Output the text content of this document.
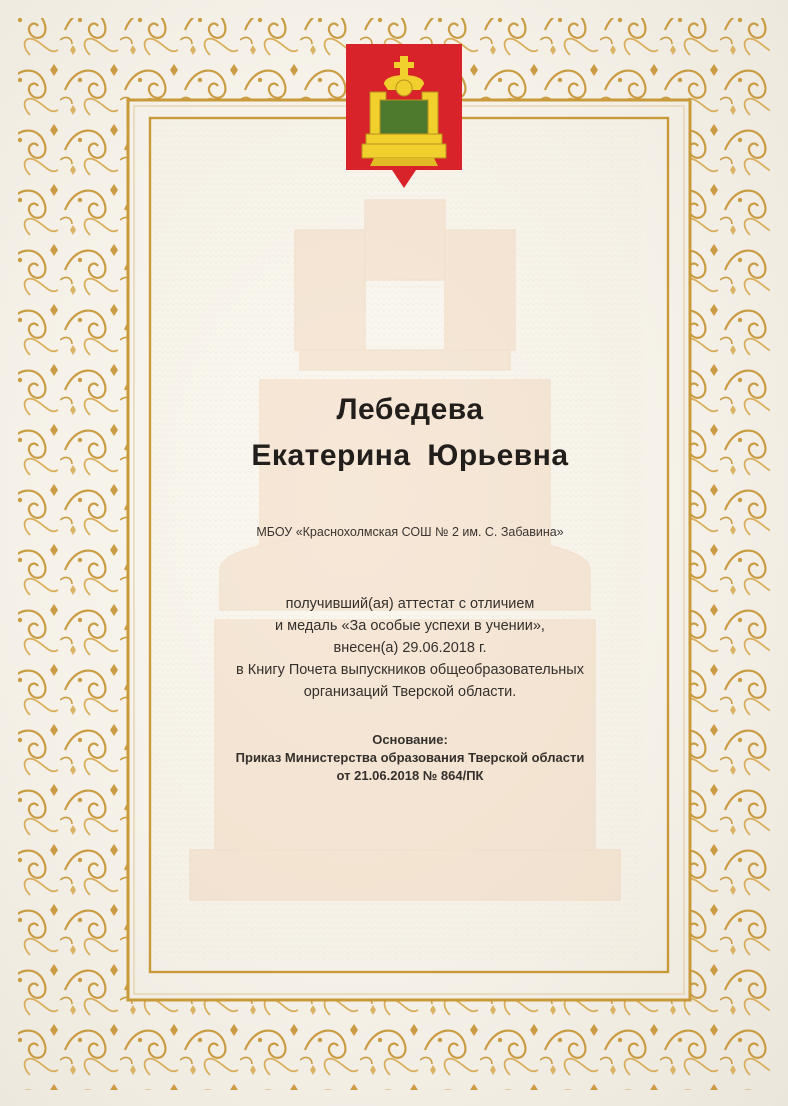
Лебедева
Екатерина Юрьевна
МБОУ «Краснохолмская СОШ № 2 им. С. Забавина»
получивший(ая) аттестат с отличием
и медаль «За особые успехи в учении»,
внесен(а) 29.06.2018 г.
в Книгу Почета выпускников общеобразовательных
организаций Тверской области.
Основание:
Приказ Министерства образования Тверской области
от 21.06.2018 № 864/ПК
